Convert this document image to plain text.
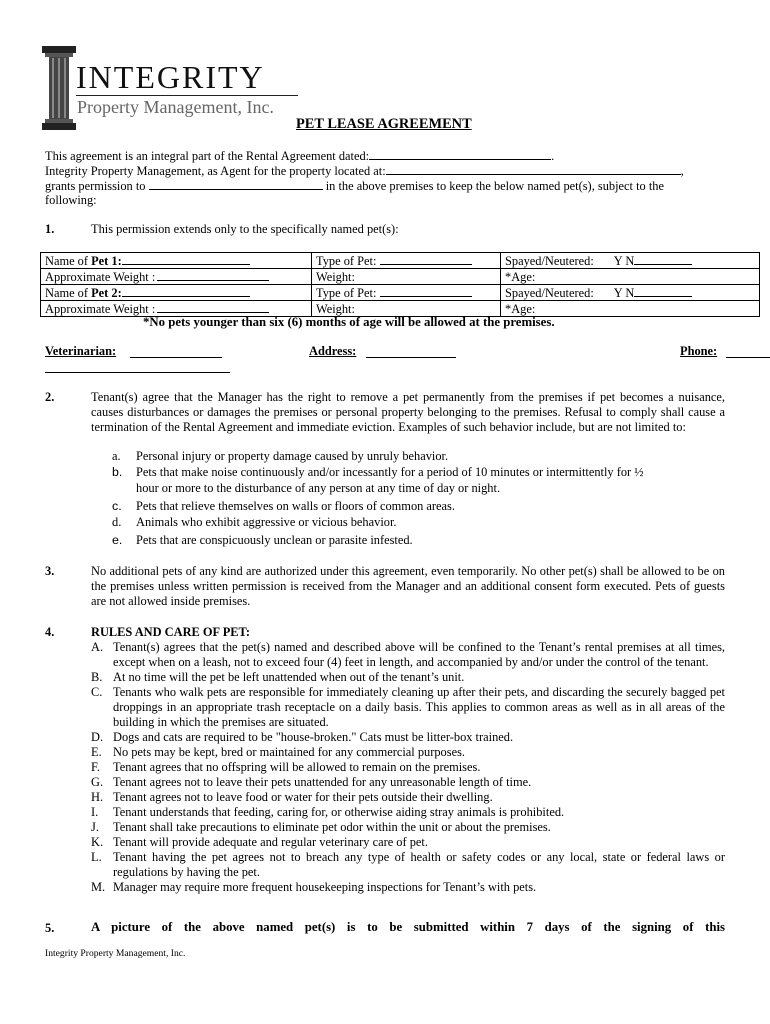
INTEGRITY
Property Management, Inc.
PET LEASE AGREEMENT
This agreement is an integral part of the Rental Agreement dated:	.
Integrity Property Management, as Agent for the property located at:	,
grants permission to	in the above premises to keep the below named pet(s), subject to the
following:
1.	This permission extends only to the specifically named pet(s):
Name of Pet 1:	Type of Pet:	Spayed/Neutered: Y N
Approximate Weight :	Weight:	*Age:
Name of Pet 2:	Type of Pet:	Spayed/Neutered: Y N
Approximate Weight :	Weight:	*Age:
*No pets younger than six (6) months of age will be allowed at the premises.
Veterinarian:	Address:	Phone:
2.	Tenant(s) agree that the Manager has the right to remove a pet permanently from the premises if pet becomes a nuisance, causes disturbances or damages the premises or personal property belonging to the premises. Refusal to comply shall cause a termination of the Rental Agreement and immediate eviction. Examples of such behavior include, but are not limited to:
a. Personal injury or property damage caused by unruly behavior.
b. Pets that make noise continuously and/or incessantly for a period of 10 minutes or intermittently for ½
hour or more to the disturbance of any person at any time of day or night.
c. Pets that relieve themselves on walls or floors of common areas.
d. Animals who exhibit aggressive or vicious behavior.
e. Pets that are conspicuously unclean or parasite infested.
3.	No additional pets of any kind are authorized under this agreement, even temporarily. No other pet(s) shall be allowed to be on the premises unless written permission is received from the Manager and an additional consent form executed. Pets of guests are not allowed inside premises.
4.	RULES AND CARE OF PET:
A. Tenant(s) agrees that the pet(s) named and described above will be confined to the Tenant’s rental premises at all times, except when on a leash, not to exceed four (4) feet in length, and accompanied by and/or under the control of the tenant.
B. At no time will the pet be left unattended when out of the tenant’s unit.
C. Tenants who walk pets are responsible for immediately cleaning up after their pets, and discarding the securely bagged pet droppings in an appropriate trash receptacle on a daily basis. This applies to common areas as well as in all areas of the building in which the premises are situated.
D. Dogs and cats are required to be "house-broken." Cats must be litter-box trained.
E. No pets may be kept, bred or maintained for any commercial purposes.
F.	Tenant agrees that no offspring will be allowed to remain on the premises.
G. Tenant agrees not to leave their pets unattended for any unreasonable length of time.
H. Tenant agrees not to leave food or water for their pets outside their dwelling.
I.	Tenant understands that feeding, caring for, or otherwise aiding stray animals is prohibited.
J.	Tenant shall take precautions to eliminate pet odor within the unit or about the premises.
K. Tenant will provide adequate and regular veterinary care of pet.
L. Tenant having the pet agrees not to breach any type of health or safety codes or any local, state or federal laws or regulations by having the pet.
M. Manager may require more frequent housekeeping inspections for Tenant’s with pets.
5.	A picture of the above named pet(s) is to be submitted within 7 days of the signing of this
Integrity Property Management, Inc.
